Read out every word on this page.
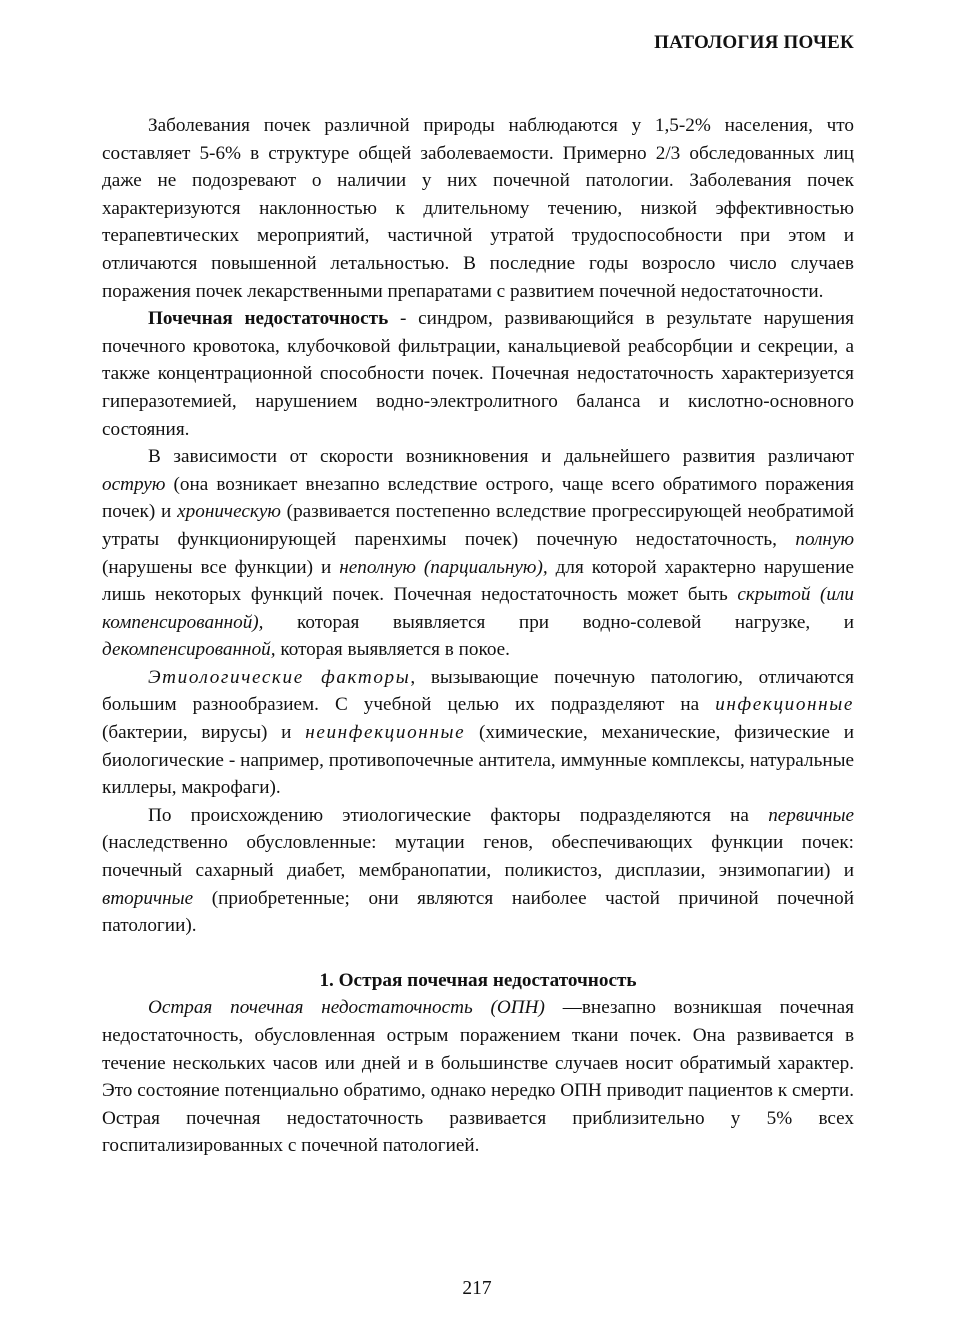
ПАТОЛОГИЯ ПОЧЕК

Заболевания почек различной природы наблюдаются у 1,5-2% населения, что составляет 5-6% в структуре общей заболеваемости. Примерно 2/3 обследованных лиц даже не подозревают о наличии у них почечной патологии. Заболевания почек характеризуются наклонностью к длительному течению, низкой эффективностью терапевтических мероприятий, частичной утратой трудоспособности при этом и отличаются повышенной летальностью. В последние годы возросло число случаев поражения почек лекарственными препаратами с развитием почечной недостаточности.

Почечная недостаточность - синдром, развивающийся в результате нарушения почечного кровотока, клубочковой фильтрации, канальциевой реабсорбции и секреции, а также концентрационной способности почек. Почечная недостаточность характеризуется гиперазотемией, нарушением водно-электролитного баланса и кислотно-основного состояния.

В зависимости от скорости возникновения и дальнейшего развития различают острую (она возникает внезапно вследствие острого, чаще всего обратимого поражения почек) и хроническую (развивается постепенно вследствие прогрессирующей необратимой утраты функционирующей паренхимы почек) почечную недостаточность, полную (нарушены все функции) и неполную (парциальную), для которой характерно нарушение лишь некоторых функций почек. Почечная недостаточность может быть скрытой (или компенсированной), которая выявляется при водно-солевой нагрузке, и декомпенсированной, которая выявляется в покое.

Этиологические факторы, вызывающие почечную патологию, отличаются большим разнообразием. С учебной целью их подразделяют на инфекционные (бактерии, вирусы) и неинфекционные (химические, механические, физические и биологические - например, противопочечные антитела, иммунные комплексы, натуральные киллеры, макрофаги).

По происхождению этиологические факторы подразделяются на первичные (наследственно обусловленные: мутации генов, обеспечивающих функции почек: почечный сахарный диабет, мембранопатии, поликистоз, дисплазии, энзимопагии) и вторичные (приобретенные; они являются наиболее частой причиной почечной патологии).

1. Острая почечная недостаточность

Острая почечная недостаточность (ОПН) —внезапно возникшая почечная недостаточность, обусловленная острым поражением ткани почек. Она развивается в течение нескольких часов или дней и в большинстве случаев носит обратимый характер. Это состояние потенциально обратимо, однако нередко ОПН приводит пациентов к смерти. Острая почечная недостаточность развивается приблизительно у 5% всех госпитализированных с почечной патологией.

217
